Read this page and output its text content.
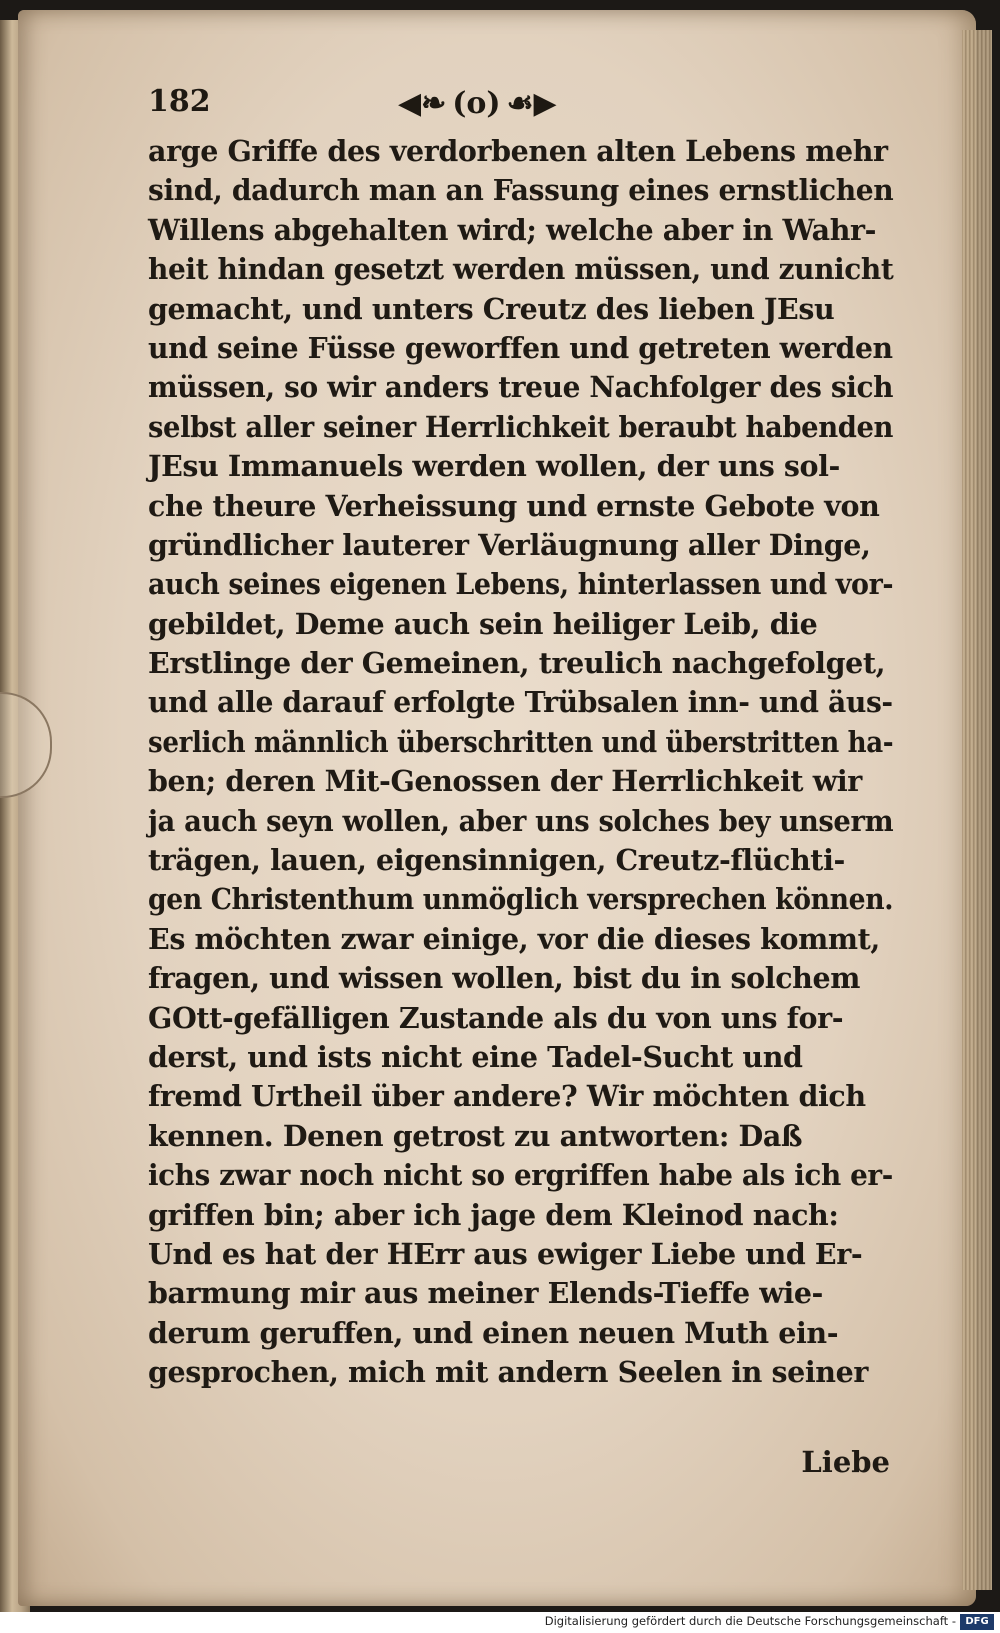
182	◀❧ (o) ☙▶
arge Griffe des verdorbenen alten Lebens mehr
sind, dadurch man an Fassung eines ernstlichen
Willens abgehalten wird; welche aber in Wahr-
heit hindan gesetzt werden müssen, und zunicht
gemacht, und unters Creutz des lieben JEsu
und seine Füsse geworffen und getreten werden
müssen, so wir anders treue Nachfolger des sich
selbst aller seiner Herrlichkeit beraubt habenden
JEsu Immanuels werden wollen, der uns sol-
che theure Verheissung und ernste Gebote von
gründlicher lauterer Verläugnung aller Dinge,
auch seines eigenen Lebens, hinterlassen und vor-
gebildet, Deme auch sein heiliger Leib, die
Erstlinge der Gemeinen, treulich nachgefolget,
und alle darauf erfolgte Trübsalen inn- und äus-
serlich männlich überschritten und überstritten ha-
ben; deren Mit-Genossen der Herrlichkeit wir
ja auch seyn wollen, aber uns solches bey unserm
trägen, lauen, eigensinnigen, Creutz-flüchti-
gen Christenthum unmöglich versprechen können.
Es möchten zwar einige, vor die dieses kommt,
fragen, und wissen wollen, bist du in solchem
GOtt-gefälligen Zustande als du von uns for-
derst, und ists nicht eine Tadel-Sucht und
fremd Urtheil über andere? Wir möchten dich
kennen. Denen getrost zu antworten: Daß
ichs zwar noch nicht so ergriffen habe als ich er-
griffen bin; aber ich jage dem Kleinod nach:
Und es hat der HErr aus ewiger Liebe und Er-
barmung mir aus meiner Elends-Tieffe wie-
derum geruffen, und einen neuen Muth ein-
gesprochen, mich mit andern Seelen in seiner
Liebe
Digitalisierung gefördert durch die Deutsche Forschungsgemeinschaft - DFG
